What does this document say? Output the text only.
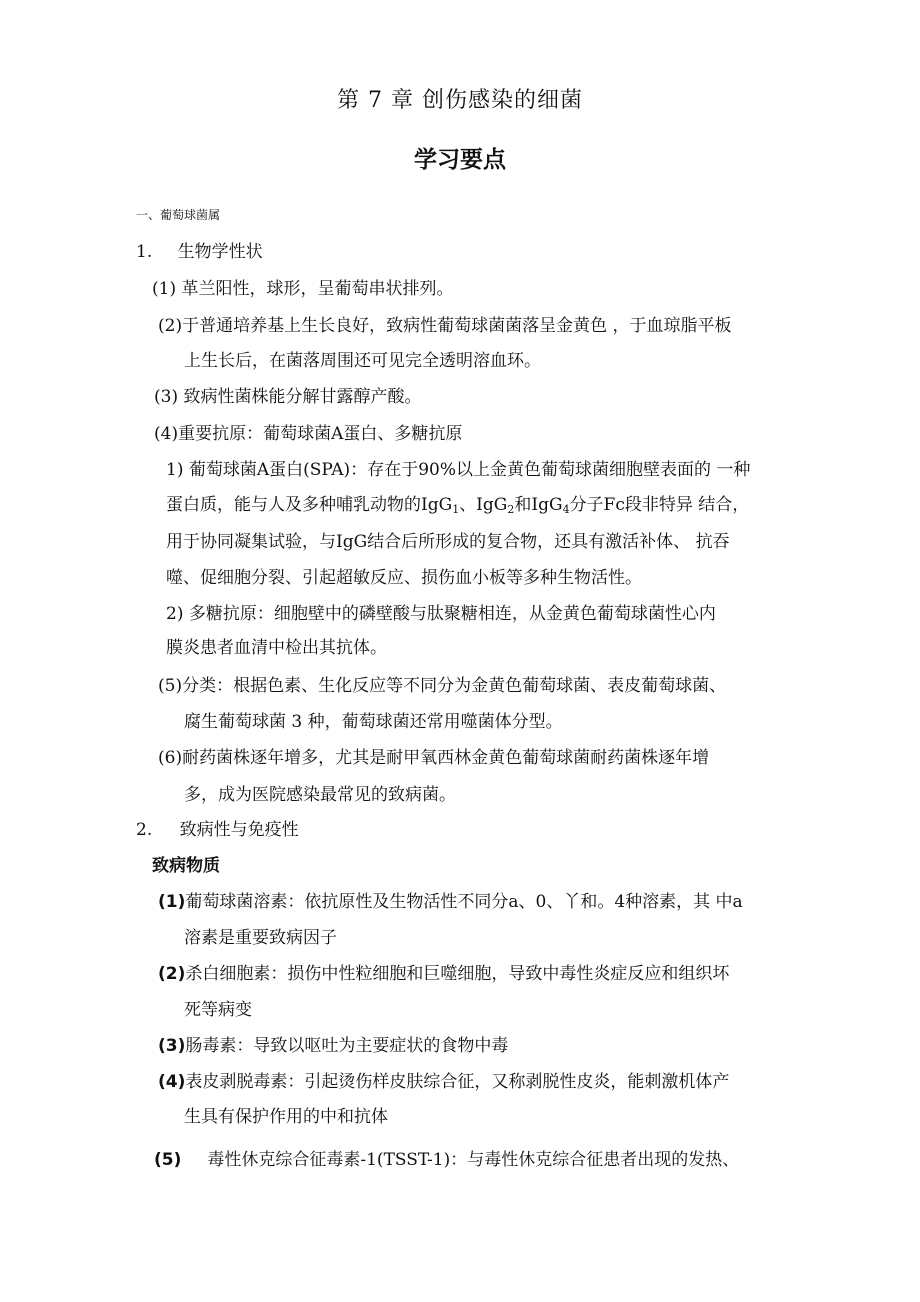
第 7 章 创伤感染的细菌
学习要点
一、葡萄球菌属
1. 生物学性状
(1) 革兰阳性，球形，呈葡萄串状排列。
(2)于普通培养基上生长良好，致病性葡萄球菌菌落呈金黄色 ，于血琼脂平板
上生长后，在菌落周围还可见完全透明溶血环。
(3) 致病性菌株能分解甘露醇产酸。
(4)重要抗原：葡萄球菌A蛋白、多糖抗原
1) 葡萄球菌A蛋白(SPA)：存在于90%以上金黄色葡萄球菌细胞壁表面的 一种
蛋白质，能与人及多种哺乳动物的IgG$_1$、IgG$_2$和IgG$_4$分子Fc段非特异 结合，
用于协同凝集试验，与IgG结合后所形成的复合物，还具有激活补体、 抗吞
噬、促细胞分裂、引起超敏反应、损伤血小板等多种生物活性。
2) 多糖抗原：细胞壁中的磷壁酸与肽聚糖相连，从金黄色葡萄球菌性心内
膜炎患者血清中检出其抗体。
(5)分类：根据色素、生化反应等不同分为金黄色葡萄球菌、表皮葡萄球菌、
腐生葡萄球菌 3 种，葡萄球菌还常用噬菌体分型。
(6)耐药菌株逐年增多，尤其是耐甲氧西林金黄色葡萄球菌耐药菌株逐年增
多，成为医院感染最常见的致病菌。
2. 致病性与免疫性
致病物质
(1)葡萄球菌溶素：依抗原性及生物活性不同分a、0、丫和。4种溶素，其 中a
溶素是重要致病因子
(2)杀白细胞素：损伤中性粒细胞和巨噬细胞，导致中毒性炎症反应和组织坏
死等病变
(3)肠毒素：导致以呕吐为主要症状的食物中毒
(4)表皮剥脱毒素：引起烫伤样皮肤综合征，又称剥脱性皮炎，能刺激机体产
生具有保护作用的中和抗体
(5) 毒性休克综合征毒素-1(TSST-1)：与毒性休克综合征患者出现的发热、
